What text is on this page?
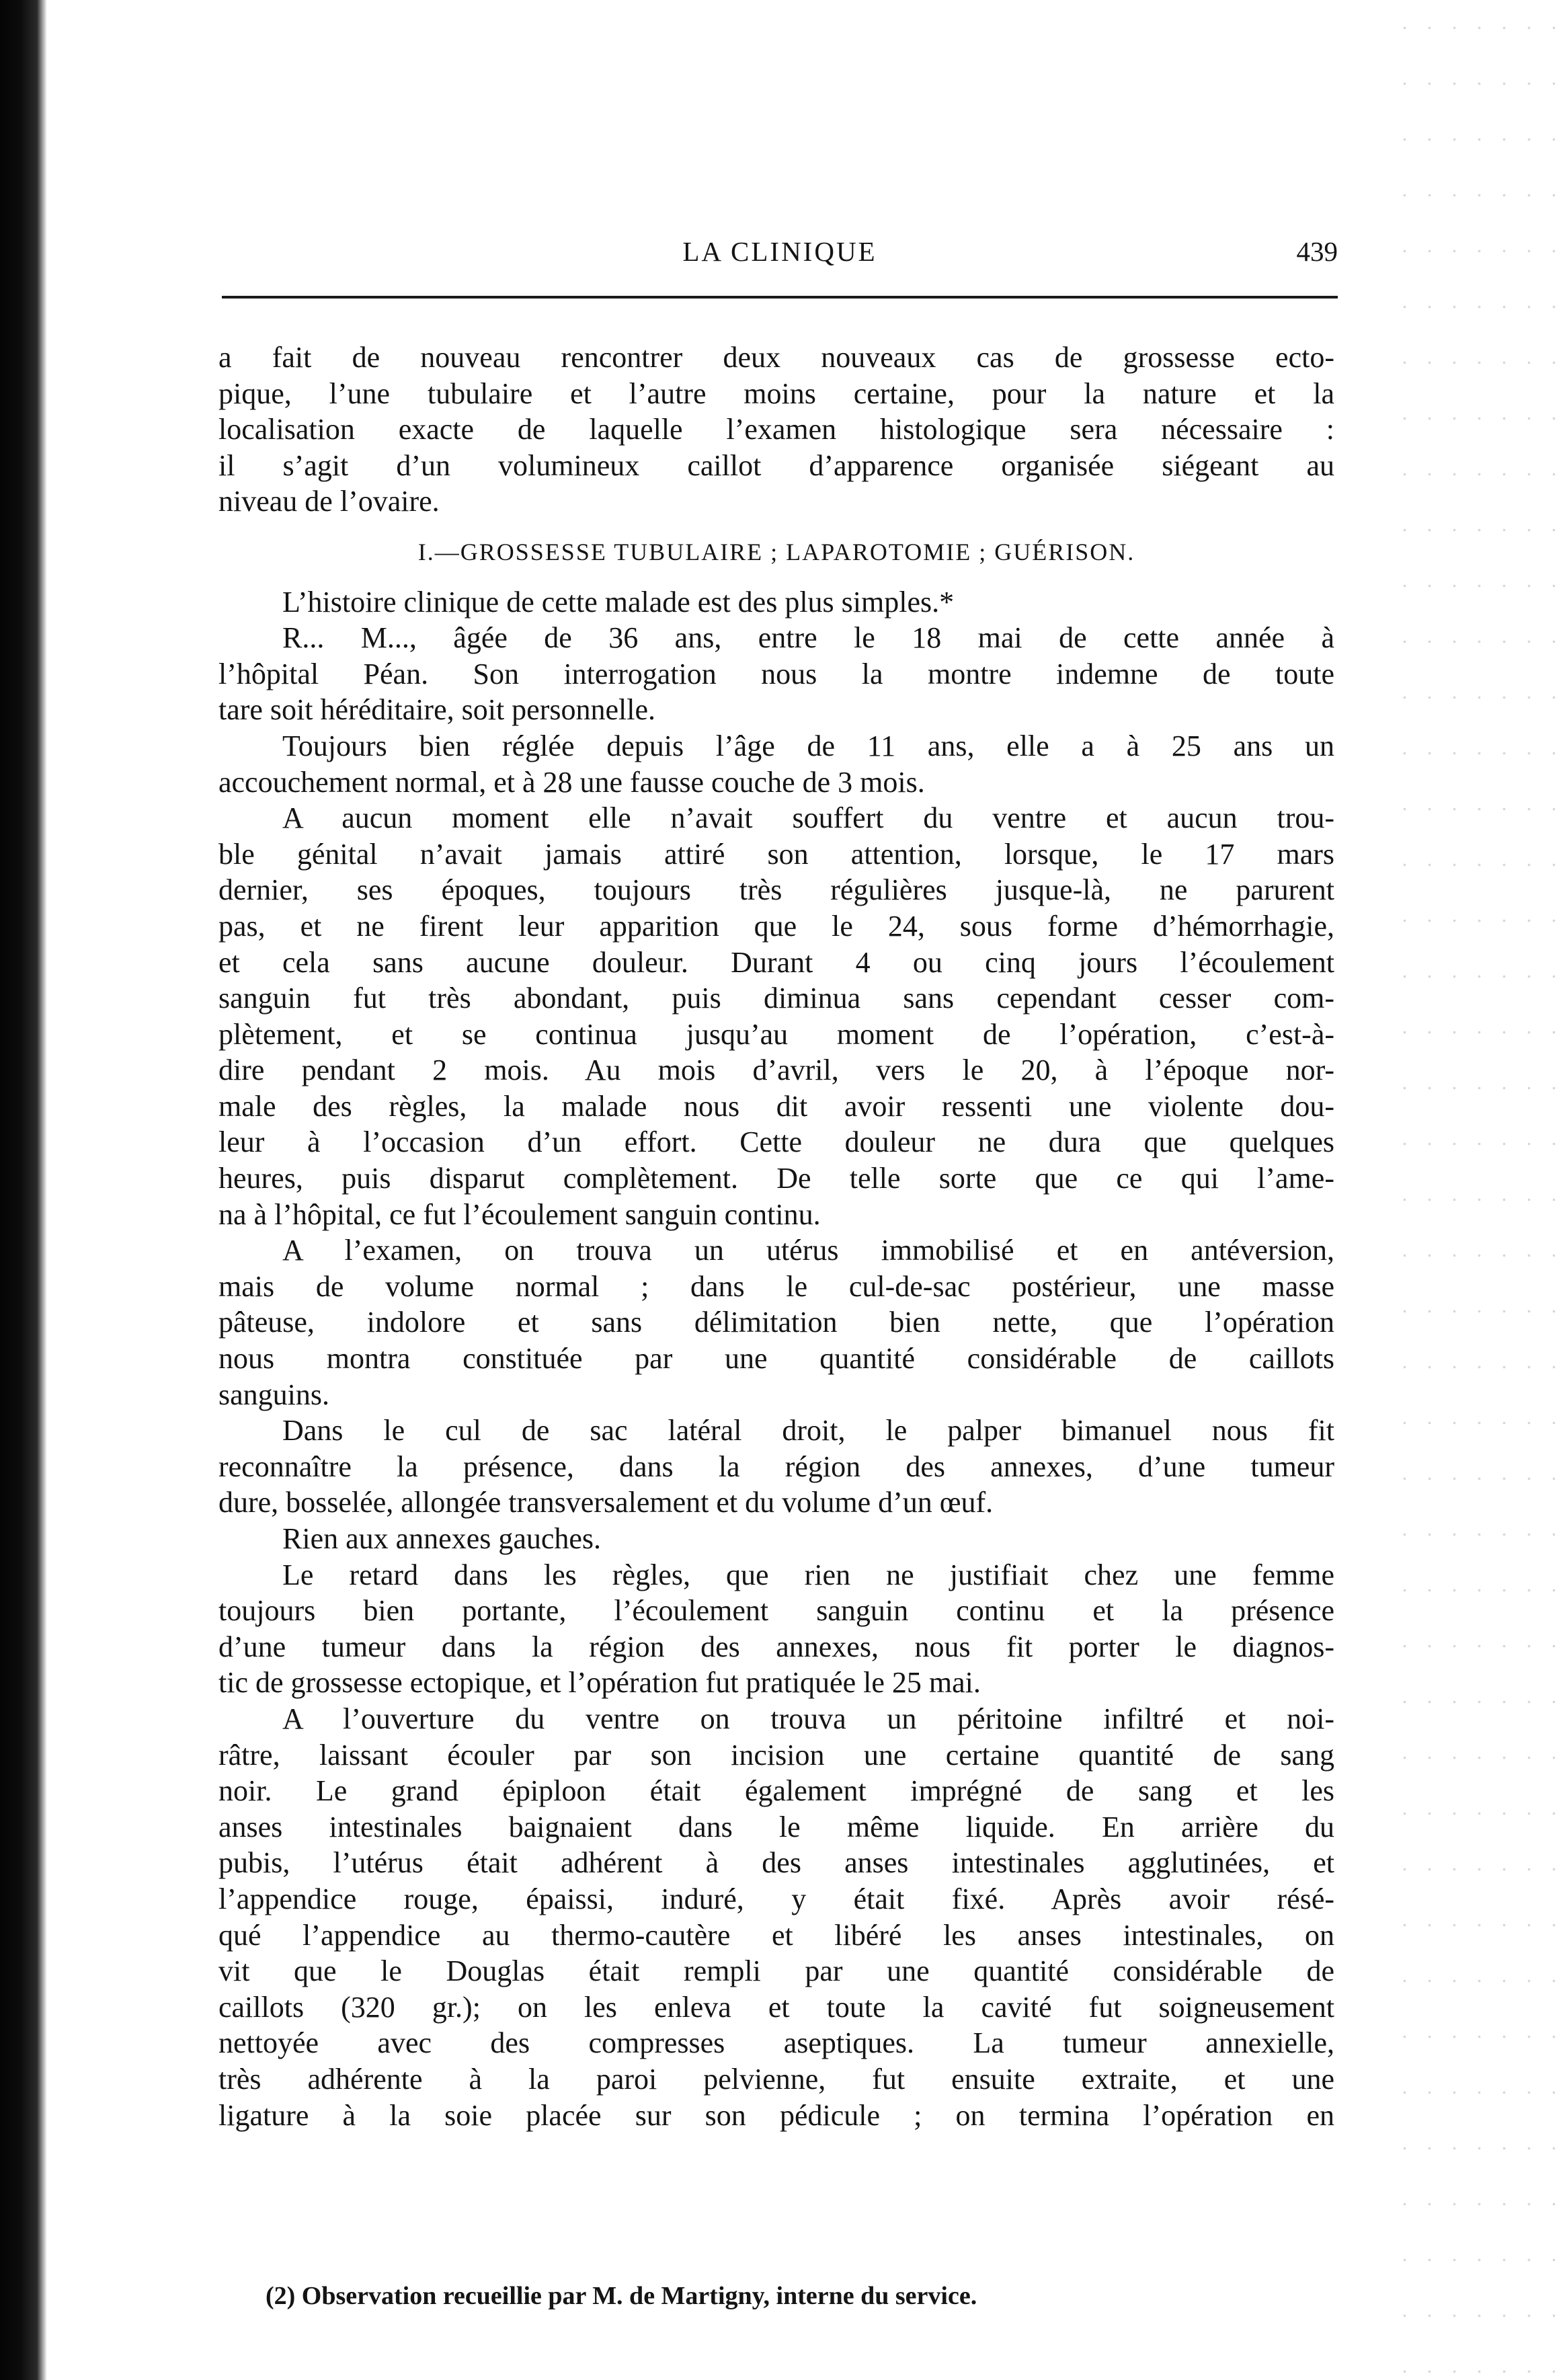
LA CLINIQUE	439
a fait de nouveau rencontrer deux nouveaux cas de grossesse ecto-
pique, l’une tubulaire et l’autre moins certaine, pour la nature et la
localisation exacte de laquelle l’examen histologique sera nécessaire :
il s’agit d’un volumineux caillot d’apparence organisée siégeant au
niveau de l’ovaire.
I.—GROSSESSE TUBULAIRE ; LAPAROTOMIE ; GUÉRISON.
L’histoire clinique de cette malade est des plus simples.*
R... M..., âgée de 36 ans, entre le 18 mai de cette année à
l’hôpital Péan. Son interrogation nous la montre indemne de toute
tare soit héréditaire, soit personnelle.
Toujours bien réglée depuis l’âge de 11 ans, elle a à 25 ans un
accouchement normal, et à 28 une fausse couche de 3 mois.
A aucun moment elle n’avait souffert du ventre et aucun trou-
ble génital n’avait jamais attiré son attention, lorsque, le 17 mars
dernier, ses époques, toujours très régulières jusque-là, ne parurent
pas, et ne firent leur apparition que le 24, sous forme d’hémorrhagie,
et cela sans aucune douleur. Durant 4 ou cinq jours l’écoulement
sanguin fut très abondant, puis diminua sans cependant cesser com-
plètement, et se continua jusqu’au moment de l’opération, c’est-à-
dire pendant 2 mois. Au mois d’avril, vers le 20, à l’époque nor-
male des règles, la malade nous dit avoir ressenti une violente dou-
leur à l’occasion d’un effort. Cette douleur ne dura que quelques
heures, puis disparut complètement. De telle sorte que ce qui l’ame-
na à l’hôpital, ce fut l’écoulement sanguin continu.
A l’examen, on trouva un utérus immobilisé et en antéversion,
mais de volume normal ; dans le cul-de-sac postérieur, une masse
pâteuse, indolore et sans délimitation bien nette, que l’opération
nous montra constituée par une quantité considérable de caillots
sanguins.
Dans le cul de sac latéral droit, le palper bimanuel nous fit
reconnaître la présence, dans la région des annexes, d’une tumeur
dure, bosselée, allongée transversalement et du volume d’un œuf.
Rien aux annexes gauches.
Le retard dans les règles, que rien ne justifiait chez une femme
toujours bien portante, l’écoulement sanguin continu et la présence
d’une tumeur dans la région des annexes, nous fit porter le diagnos-
tic de grossesse ectopique, et l’opération fut pratiquée le 25 mai.
A l’ouverture du ventre on trouva un péritoine infiltré et noi-
râtre, laissant écouler par son incision une certaine quantité de sang
noir. Le grand épiploon était également imprégné de sang et les
anses intestinales baignaient dans le même liquide. En arrière du
pubis, l’utérus était adhérent à des anses intestinales agglutinées, et
l’appendice rouge, épaissi, induré, y était fixé. Après avoir résé-
qué l’appendice au thermo-cautère et libéré les anses intestinales, on
vit que le Douglas était rempli par une quantité considérable de
caillots (320 gr.); on les enleva et toute la cavité fut soigneusement
nettoyée avec des compresses aseptiques. La tumeur annexielle,
très adhérente à la paroi pelvienne, fut ensuite extraite, et une
ligature à la soie placée sur son pédicule ; on termina l’opération en
(2) Observation recueillie par M. de Martigny, interne du service.
